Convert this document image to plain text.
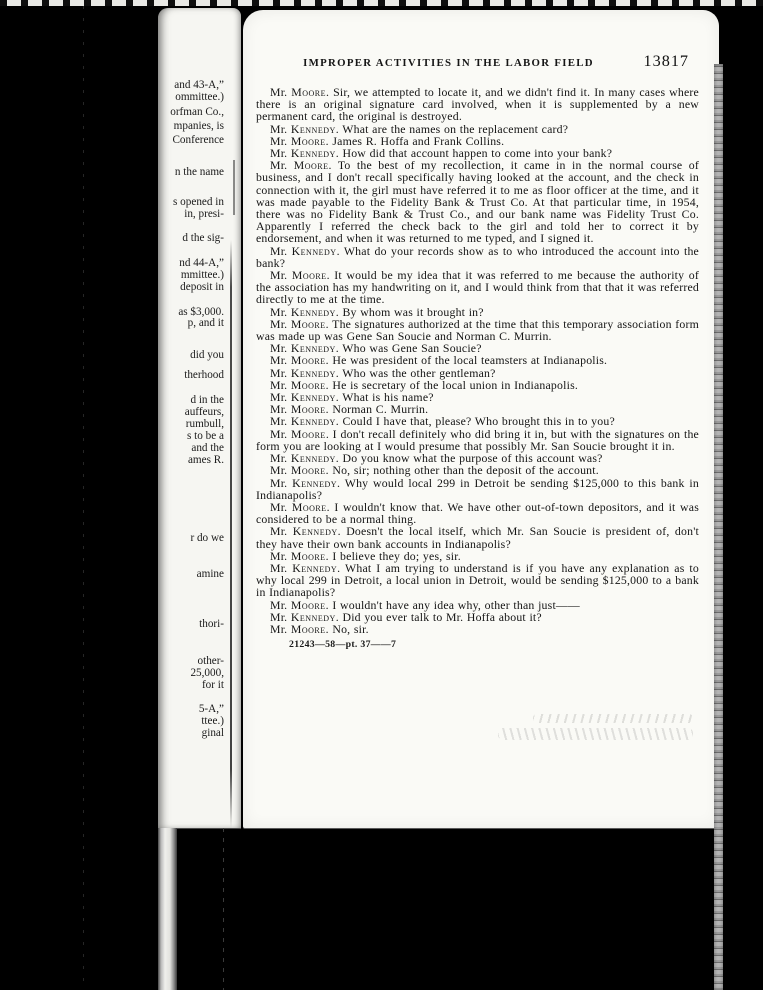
and 43-A,”
ommittee.)
orfman Co.,
mpanies, is
Conference
n the name
s opened in
in, presi-
d the sig-
nd 44-A,”
mmittee.)
deposit in
as $3,000.
p, and it
did you
therhood
d in the
auffeurs,
rumbull,
s to be a
and the
ames R.
r do we
amine
thori-
other-
25,000,
for it
5-A,”
ttee.)
ginal
IMPROPER ACTIVITIES IN THE LABOR FIELD	13817

Mr. Moore. Sir, we attempted to locate it, and we didn't find it. In many cases where there is an original signature card involved, when it is supplemented by a new permanent card, the original is destroyed.

Mr. Kennedy. What are the names on the replacement card?

Mr. Moore. James R. Hoffa and Frank Collins.

Mr. Kennedy. How did that account happen to come into your bank?

Mr. Moore. To the best of my recollection, it came in in the normal course of business, and I don't recall specifically having looked at the account, and the check in connection with it, the girl must have referred it to me as floor officer at the time, and it was made payable to the Fidelity Bank & Trust Co. At that particular time, in 1954, there was no Fidelity Bank & Trust Co., and our bank name was Fidelity Trust Co. Apparently I referred the check back to the girl and told her to correct it by endorsement, and when it was returned to me typed, and I signed it.

Mr. Kennedy. What do your records show as to who introduced the account into the bank?

Mr. Moore. It would be my idea that it was referred to me because the authority of the association has my handwriting on it, and I would think from that that it was referred directly to me at the time.

Mr. Kennedy. By whom was it brought in?

Mr. Moore. The signatures authorized at the time that this temporary association form was made up was Gene San Soucie and Norman C. Murrin.

Mr. Kennedy. Who was Gene San Soucie?

Mr. Moore. He was president of the local teamsters at Indianapolis.

Mr. Kennedy. Who was the other gentleman?

Mr. Moore. He is secretary of the local union in Indianapolis.

Mr. Kennedy. What is his name?

Mr. Moore. Norman C. Murrin.

Mr. Kennedy. Could I have that, please? Who brought this in to you?

Mr. Moore. I don't recall definitely who did bring it in, but with the signatures on the form you are looking at I would presume that possibly Mr. San Soucie brought it in.

Mr. Kennedy. Do you know what the purpose of this account was?

Mr. Moore. No, sir; nothing other than the deposit of the account.

Mr. Kennedy. Why would local 299 in Detroit be sending $125,000 to this bank in Indianapolis?

Mr. Moore. I wouldn't know that. We have other out-of-town depositors, and it was considered to be a normal thing.

Mr. Kennedy. Doesn't the local itself, which Mr. San Soucie is president of, don't they have their own bank accounts in Indianapolis?

Mr. Moore. I believe they do; yes, sir.

Mr. Kennedy. What I am trying to understand is if you have any explanation as to why local 299 in Detroit, a local union in Detroit, would be sending $125,000 to a bank in Indianapolis?

Mr. Moore. I wouldn't have any idea why, other than just——

Mr. Kennedy. Did you ever talk to Mr. Hoffa about it?

Mr. Moore. No, sir.

21243—58—pt. 37——7
